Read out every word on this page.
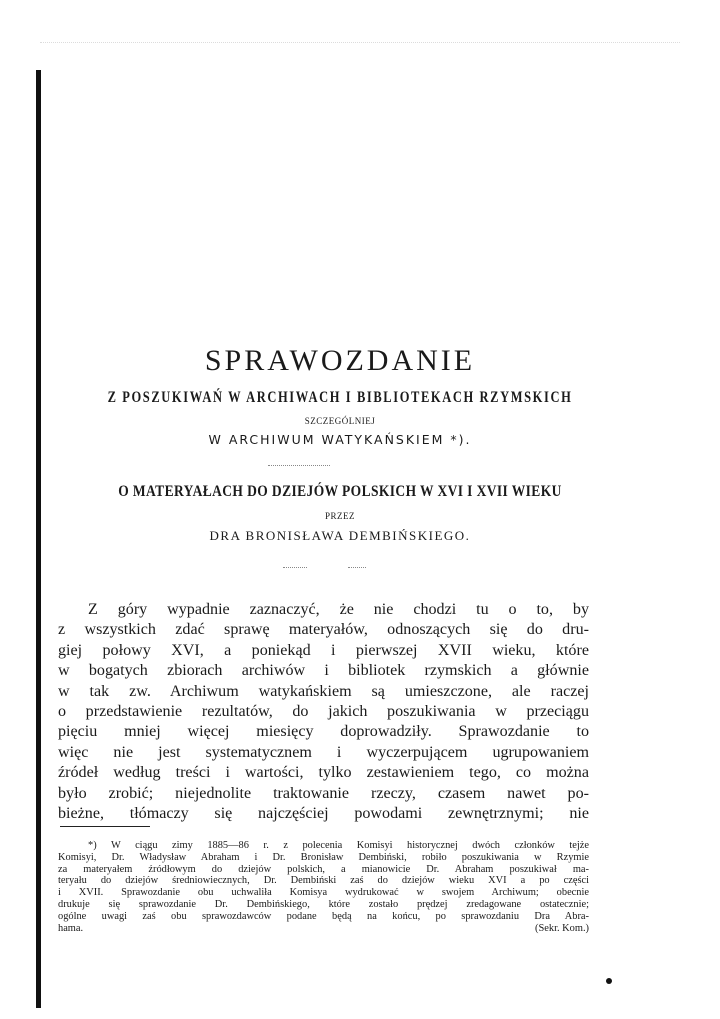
SPRAWOZDANIE
Z POSZUKIWAŃ W ARCHIWACH I BIBLIOTEKACH RZYMSKICH
SZCZEGÓLNIEJ
W ARCHIWUM WATYKAŃSKIEM *).
O MATERYAŁACH DO DZIEJÓW POLSKICH W XVI I XVII WIEKU
PRZEZ
DRA BRONISŁAWA DEMBIŃSKIEGO.
Z góry wypadnie zaznaczyć, że nie chodzi tu o to, by
z wszystkich zdać sprawę materyałów, odnoszących się do dru-
giej połowy XVI, a poniekąd i pierwszej XVII wieku, które
w bogatych zbiorach archiwów i bibliotek rzymskich a głównie
w tak zw. Archiwum watykańskiem są umieszczone, ale raczej
o przedstawienie rezultatów, do jakich poszukiwania w przeciągu
pięciu mniej więcej miesięcy doprowadziły. Sprawozdanie to
więc nie jest systematycznem i wyczerpującem ugrupowaniem
źródeł według treści i wartości, tylko zestawieniem tego, co można
było zrobić; niejednolite traktowanie rzeczy, czasem nawet po-
bieżne, tłómaczy się najczęściej powodami zewnętrznymi; nie
*) W ciągu zimy 1885—86 r. z polecenia Komisyi historycznej dwóch członków tejże
Komisyi, Dr. Władysław Abraham i Dr. Bronisław Dembiński, robiło poszukiwania w Rzymie
za materyałem źródłowym do dziejów polskich, a mianowicie Dr. Abraham poszukiwał ma-
teryału do dziejów średniowiecznych, Dr. Dembiński zaś do dziejów wieku XVI a po części
i XVII. Sprawozdanie obu uchwaliła Komisya wydrukować w swojem Archiwum; obecnie
drukuje się sprawozdanie Dr. Dembińskiego, które zostało prędzej zredagowane ostatecznie;
ogólne uwagi zaś obu sprawozdawców podane będą na końcu, po sprawozdaniu Dra Abra-
hama.	(Sekr. Kom.)
